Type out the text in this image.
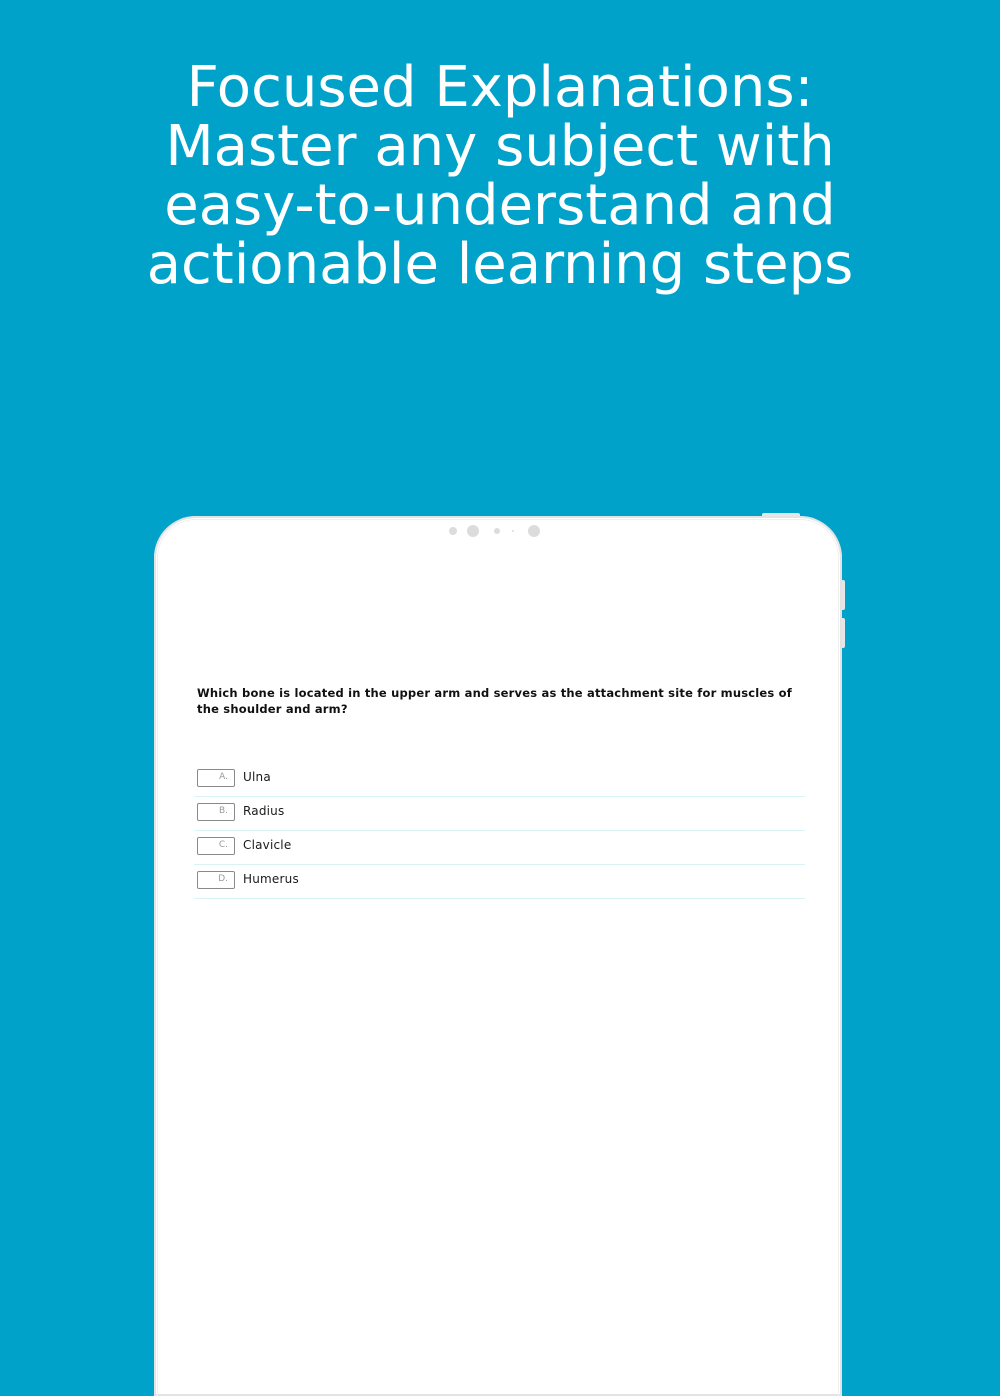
Focused Explanations:
Master any subject with
easy-to-understand and
actionable learning steps
Which bone is located in the upper arm and serves as the attachment site for muscles of the shoulder and arm?
A. Ulna
B. Radius
C. Clavicle
D. Humerus
